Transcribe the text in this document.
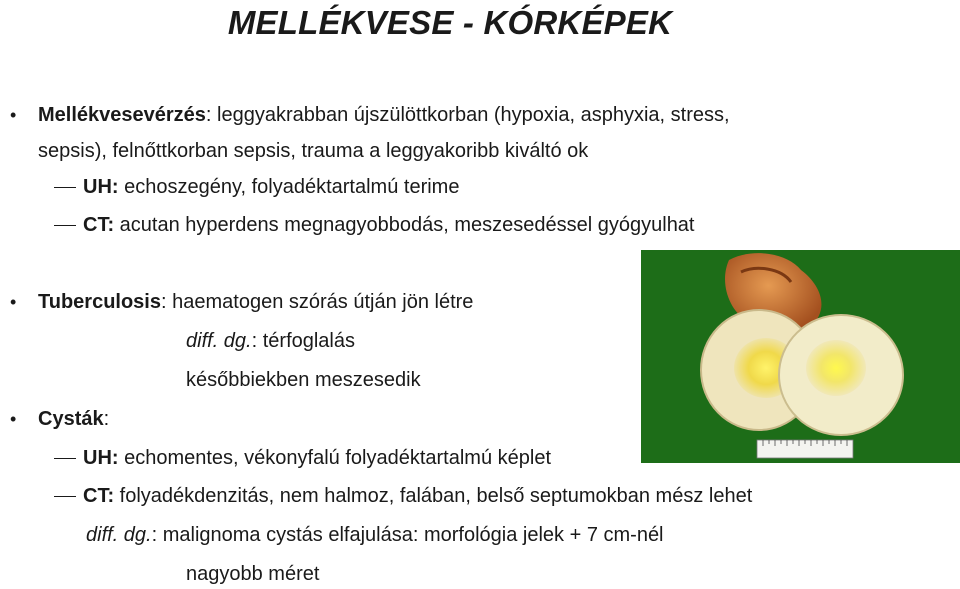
MELLÉKVESE - KÓRKÉPEK
• Mellékvesevérzés: leggyakrabban újszülöttkorban (hypoxia, asphyxia, stress,
sepsis), felnőttkorban sepsis, trauma a leggyakoribb kiváltó ok
UH: echoszegény, folyadéktartalmú terime
CT: acutan hyperdens megnagyobbodás, meszesedéssel gyógyulhat
• Tuberculosis: haematogen szórás útján jön létre
diff. dg.: térfoglalás
későbbiekben meszesedik
• Cysták:
UH: echomentes, vékonyfalú folyadéktartalmú képlet
CT: folyadékdenzitás, nem halmoz, falában, belső septumokban mész lehet
diff. dg.: malignoma cystás elfajulása: morfológia jelek + 7 cm-nél
nagyobb méret
